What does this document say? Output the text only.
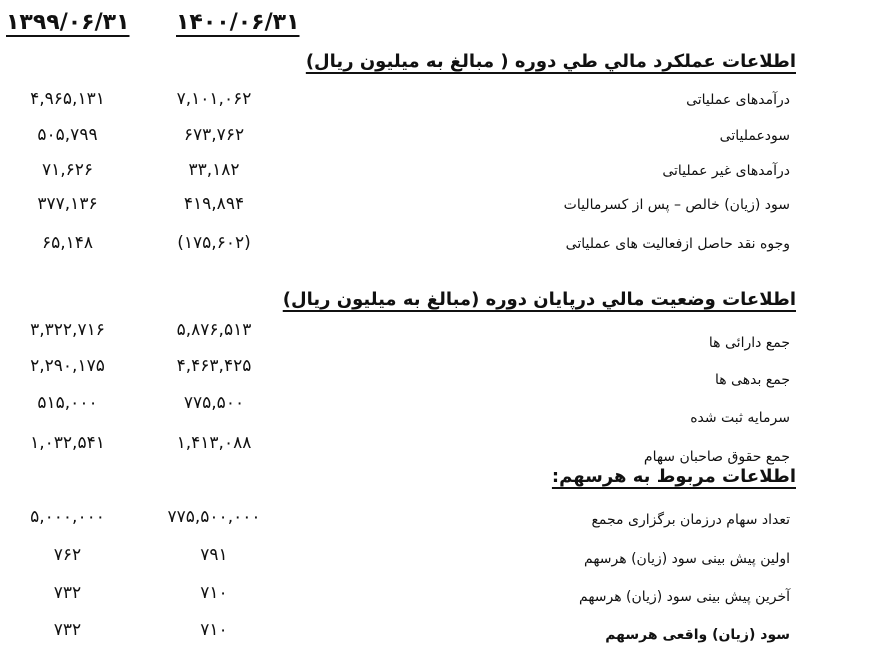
۱۳۹۹/۰۶/۳۱ ۱۴۰۰/۰۶/۳۱
اطلاعات عملکرد مالي طي دوره ( مبالغ به ميليون ريال)
درآمدهای عملیاتی
۷,۱۰۱,۰۶۲
۴,۹۶۵,۱۳۱
سودعملیاتی
۶۷۳,۷۶۲
۵۰۵,۷۹۹
درآمدهای غیر عملیاتی
۳۳,۱۸۲
۷۱,۶۲۶
سود (زیان) خالص – پس از کسرمالیات
۴۱۹,۸۹۴
۳۷۷,۱۳۶
وجوه نقد حاصل ازفعالیت های عملیاتی
(۱۷۵,۶۰۲)
۶۵,۱۴۸
اطلاعات وضعيت مالي درپايان دوره (مبالغ به ميليون ريال)
جمع دارائی ها
۵,۸۷۶,۵۱۳
۳,۳۲۲,۷۱۶
جمع بدهی ها
۴,۴۶۳,۴۲۵
۲,۲۹۰,۱۷۵
سرمایه ثبت شده
۷۷۵,۵۰۰
۵۱۵,۰۰۰
جمع حقوق صاحبان سهام
۱,۴۱۳,۰۸۸
۱,۰۳۲,۵۴۱
اطلاعات مربوط به هرسهم:
تعداد سهام درزمان برگزاری مجمع
۷۷۵,۵۰۰,۰۰۰
۵,۰۰۰,۰۰۰
اولین پیش بینی سود (زیان) هرسهم
۷۹۱
۷۶۲
آخرین پیش بینی سود (زیان) هرسهم
۷۱۰
۷۳۲
سود (زیان) واقعی هرسهم
۷۱۰
۷۳۲
